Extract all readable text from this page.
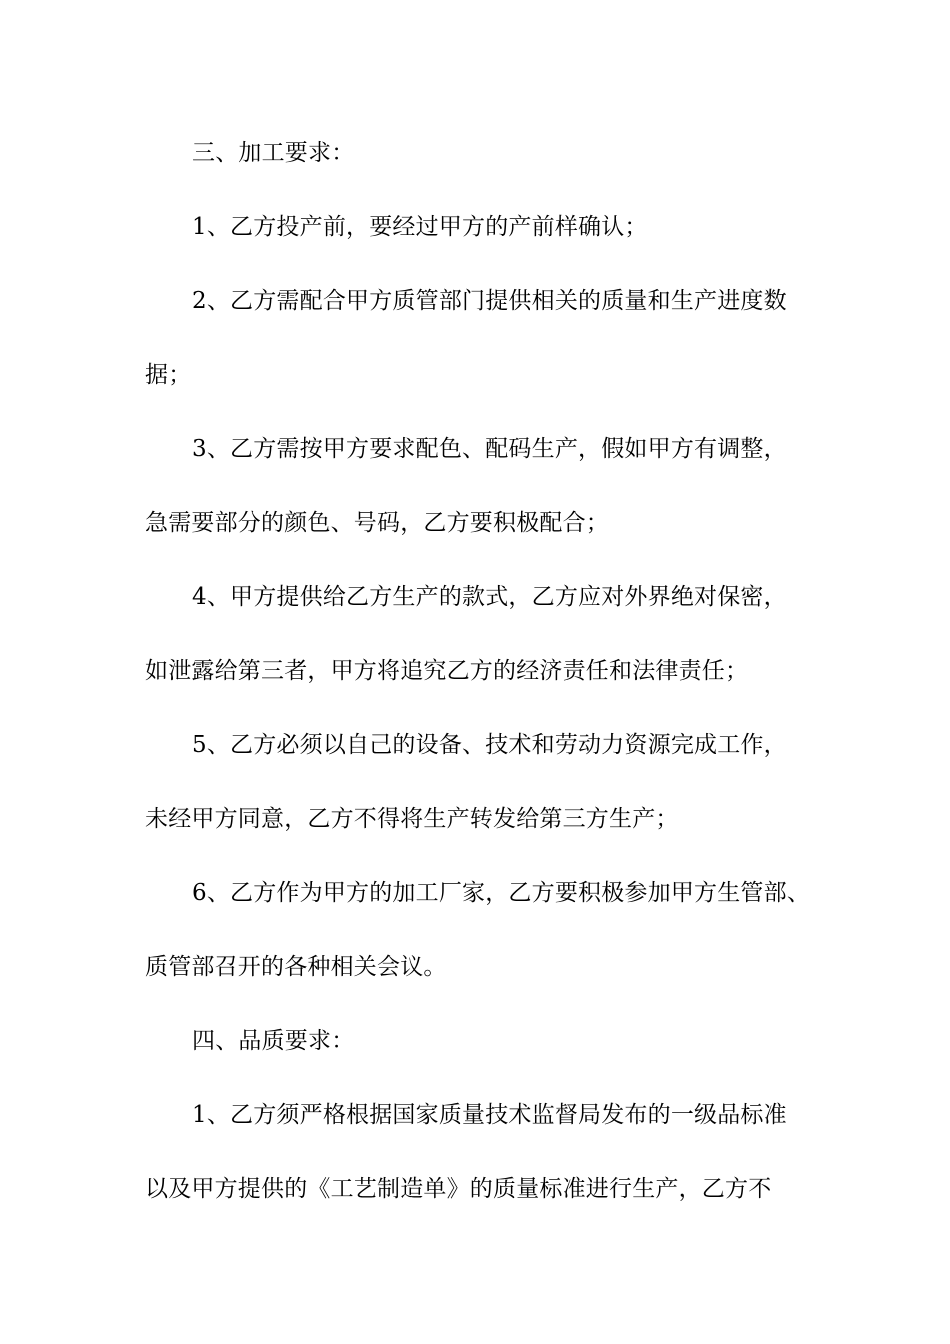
三、加工要求：

1、乙方投产前，要经过甲方的产前样确认；

2、乙方需配合甲方质管部门提供相关的质量和生产进度数

据；

3、乙方需按甲方要求配色、配码生产，假如甲方有调整，

急需要部分的颜色、号码，乙方要积极配合；

4、甲方提供给乙方生产的款式，乙方应对外界绝对保密，

如泄露给第三者，甲方将追究乙方的经济责任和法律责任；

5、乙方必须以自己的设备、技术和劳动力资源完成工作，

未经甲方同意，乙方不得将生产转发给第三方生产；

6、乙方作为甲方的加工厂家，乙方要积极参加甲方生管部、

质管部召开的各种相关会议。

四、品质要求：

1、乙方须严格根据国家质量技术监督局发布的一级品标准

以及甲方提供的《工艺制造单》的质量标准进行生产，乙方不
